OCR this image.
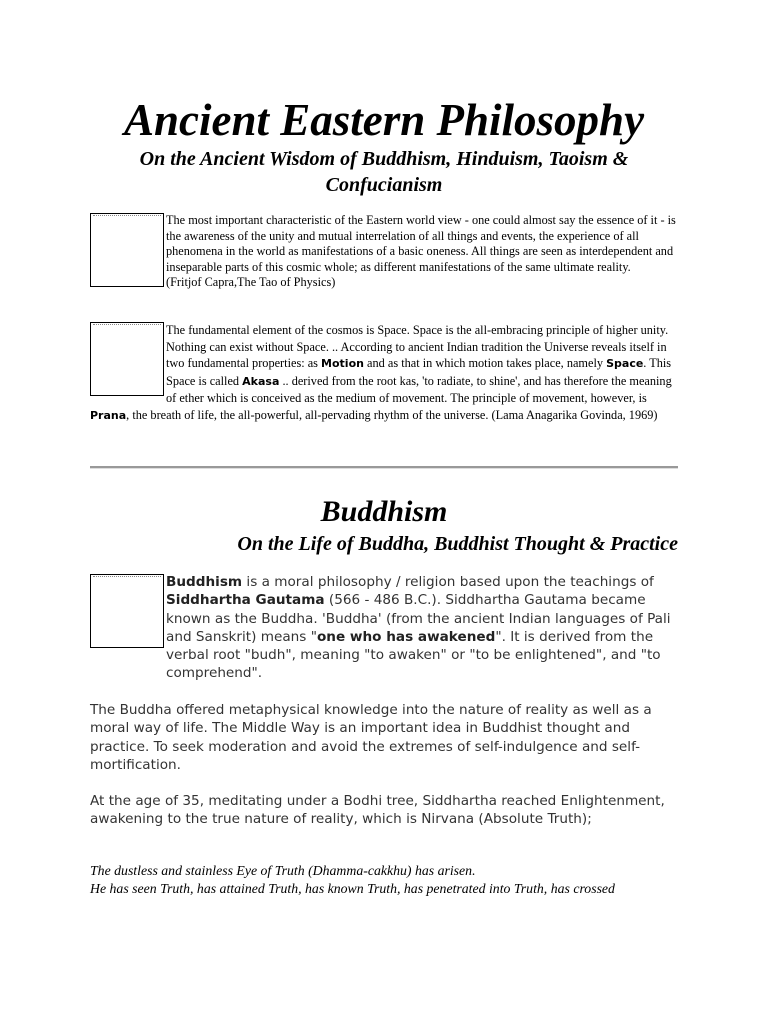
Ancient Eastern Philosophy
On the Ancient Wisdom of Buddhism, Hinduism, Taoism & Confucianism

The most important characteristic of the Eastern world view - one could almost say the essence of it - is the awareness of the unity and mutual interrelation of all things and events, the experience of all phenomena in the world as manifestations of a basic oneness. All things are seen as interdependent and inseparable parts of this cosmic whole; as different manifestations of the same ultimate reality.
(Fritjof Capra,The Tao of Physics)

The fundamental element of the cosmos is Space. Space is the all-embracing principle of higher unity. Nothing can exist without Space. .. According to ancient Indian tradition the Universe reveals itself in two fundamental properties: as Motion and as that in which motion takes place, namely Space. This Space is called Akasa .. derived from the root kas, 'to radiate, to shine', and has therefore the meaning of ether which is conceived as the medium of movement. The principle of movement, however, is Prana, the breath of life, the all-powerful, all-pervading rhythm of the universe. (Lama Anagarika Govinda, 1969)

Buddhism
On the Life of Buddha, Buddhist Thought & Practice

Buddhism is a moral philosophy / religion based upon the teachings of Siddhartha Gautama (566 - 486 B.C.). Siddhartha Gautama became known as the Buddha. 'Buddha' (from the ancient Indian languages of Pali and Sanskrit) means "one who has awakened". It is derived from the verbal root "budh", meaning "to awaken" or "to be enlightened", and "to comprehend".

The Buddha offered metaphysical knowledge into the nature of reality as well as a moral way of life. The Middle Way is an important idea in Buddhist thought and practice. To seek moderation and avoid the extremes of self-indulgence and self-mortification.

At the age of 35, meditating under a Bodhi tree, Siddhartha reached Enlightenment, awakening to the true nature of reality, which is Nirvana (Absolute Truth);

The dustless and stainless Eye of Truth (Dhamma-cakkhu) has arisen.
He has seen Truth, has attained Truth, has known Truth, has penetrated into Truth, has crossed
